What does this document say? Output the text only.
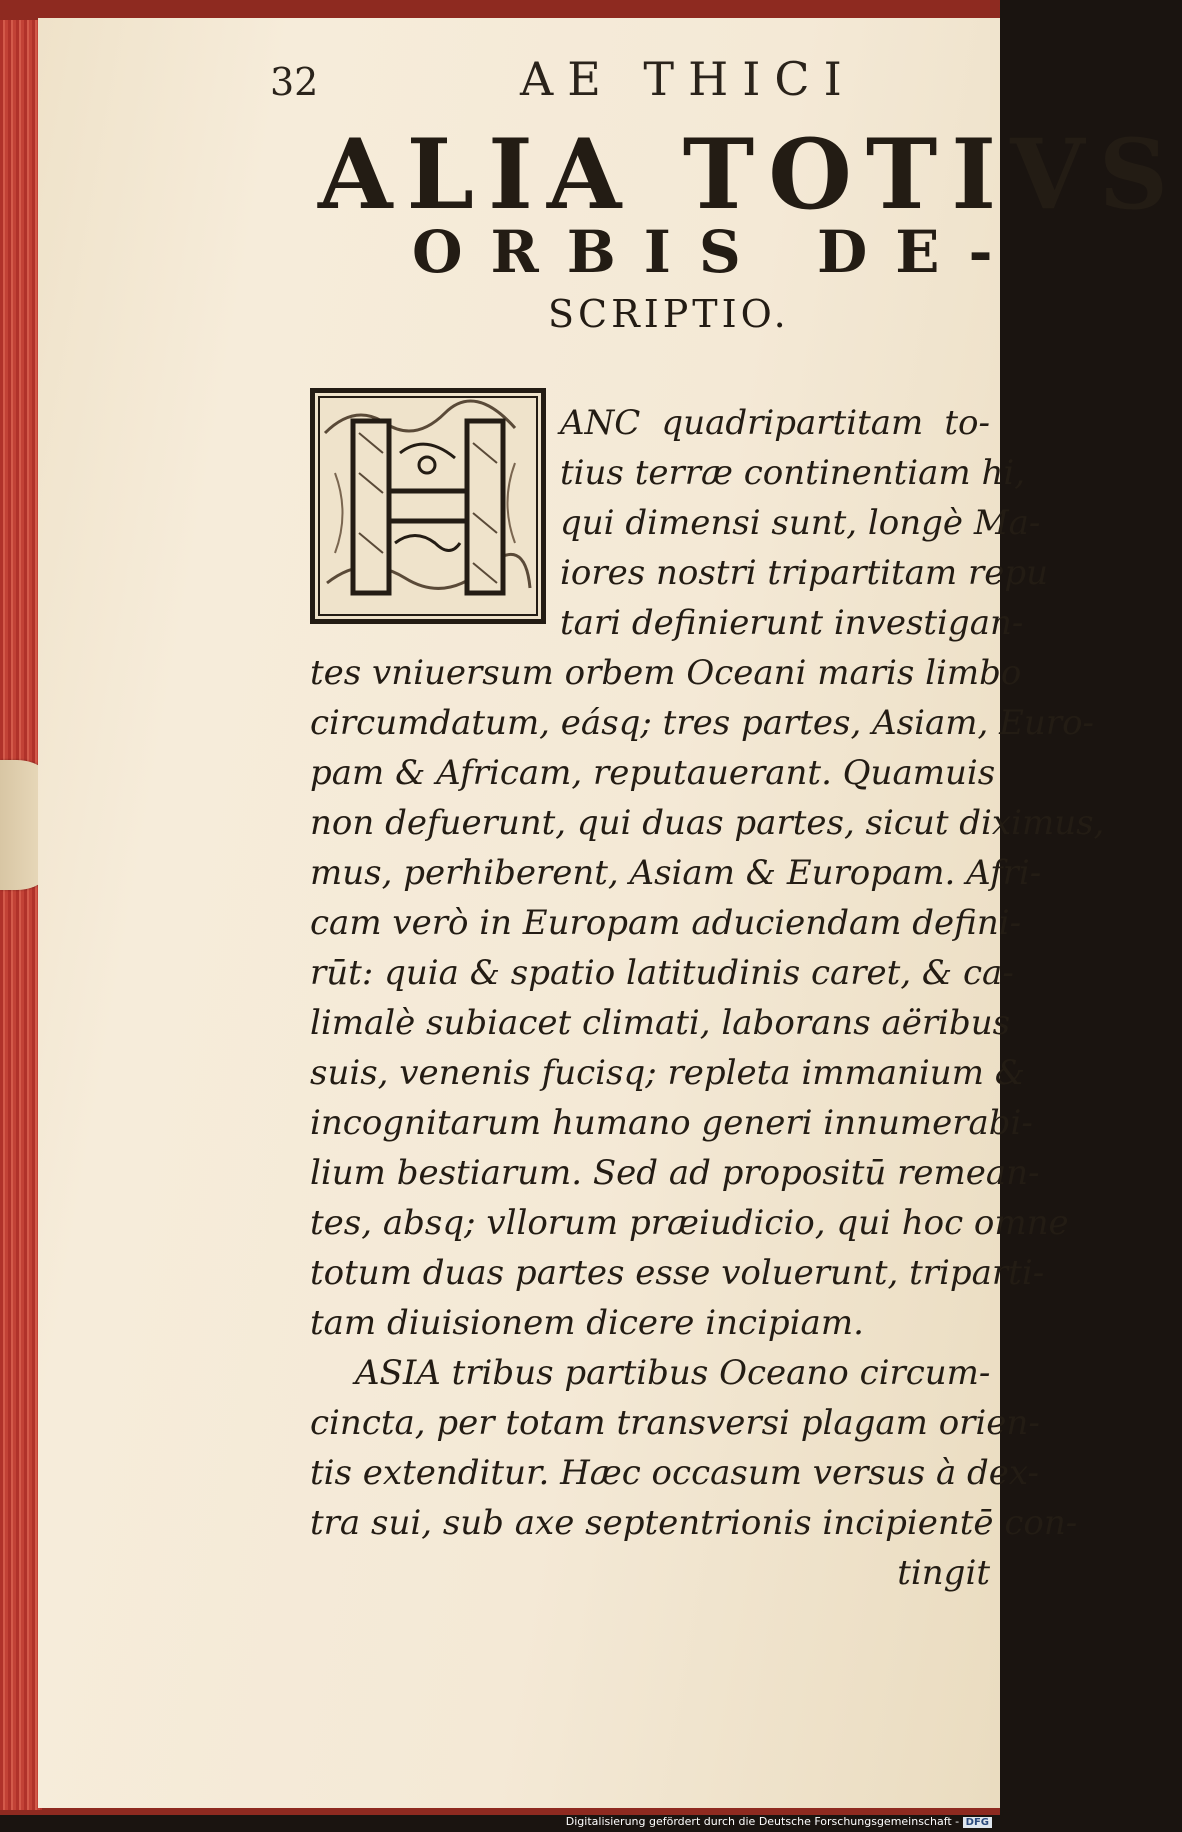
32	AE THICI
ALIA TOTIVS
ORBIS DE-
SCRIPTIO.
ANC quadripartitam to-
tius terræ continentiam hi,
qui dimensi sunt, longè Ma-
iores nostri tripartitam repu
tari definierunt investigan-
tes vniuersum orbem Oceani maris limbo
circumdatum, eásq; tres partes, Asiam, Euro-
pam & Africam, reputauerant. Quamuis
non defuerunt, qui duas partes, sicut diximus,
mus, perhiberent, Asiam & Europam. Afri-
cam verò in Europam aduciendam defini-
rūt: quia & spatio latitudinis caret, & ca-
limalè subiacet climati, laborans aëribus
suis, venenis fucisq; repleta immanium &
incognitarum humano generi innumerabi-
lium bestiarum. Sed ad propositū remean-
tes, absq; vllorum præiudicio, qui hoc omne
totum duas partes esse voluerunt, triparti-
tam diuisionem dicere incipiam.
ASIA tribus partibus Oceano circum-
cincta, per totam transversi plagam orien-
tis extenditur. Hæc occasum versus à dex-
tra sui, sub axe septentrionis incipientē con-
tingit
Digitalisierung gefördert durch die Deutsche Forschungsgemeinschaft - DFG
